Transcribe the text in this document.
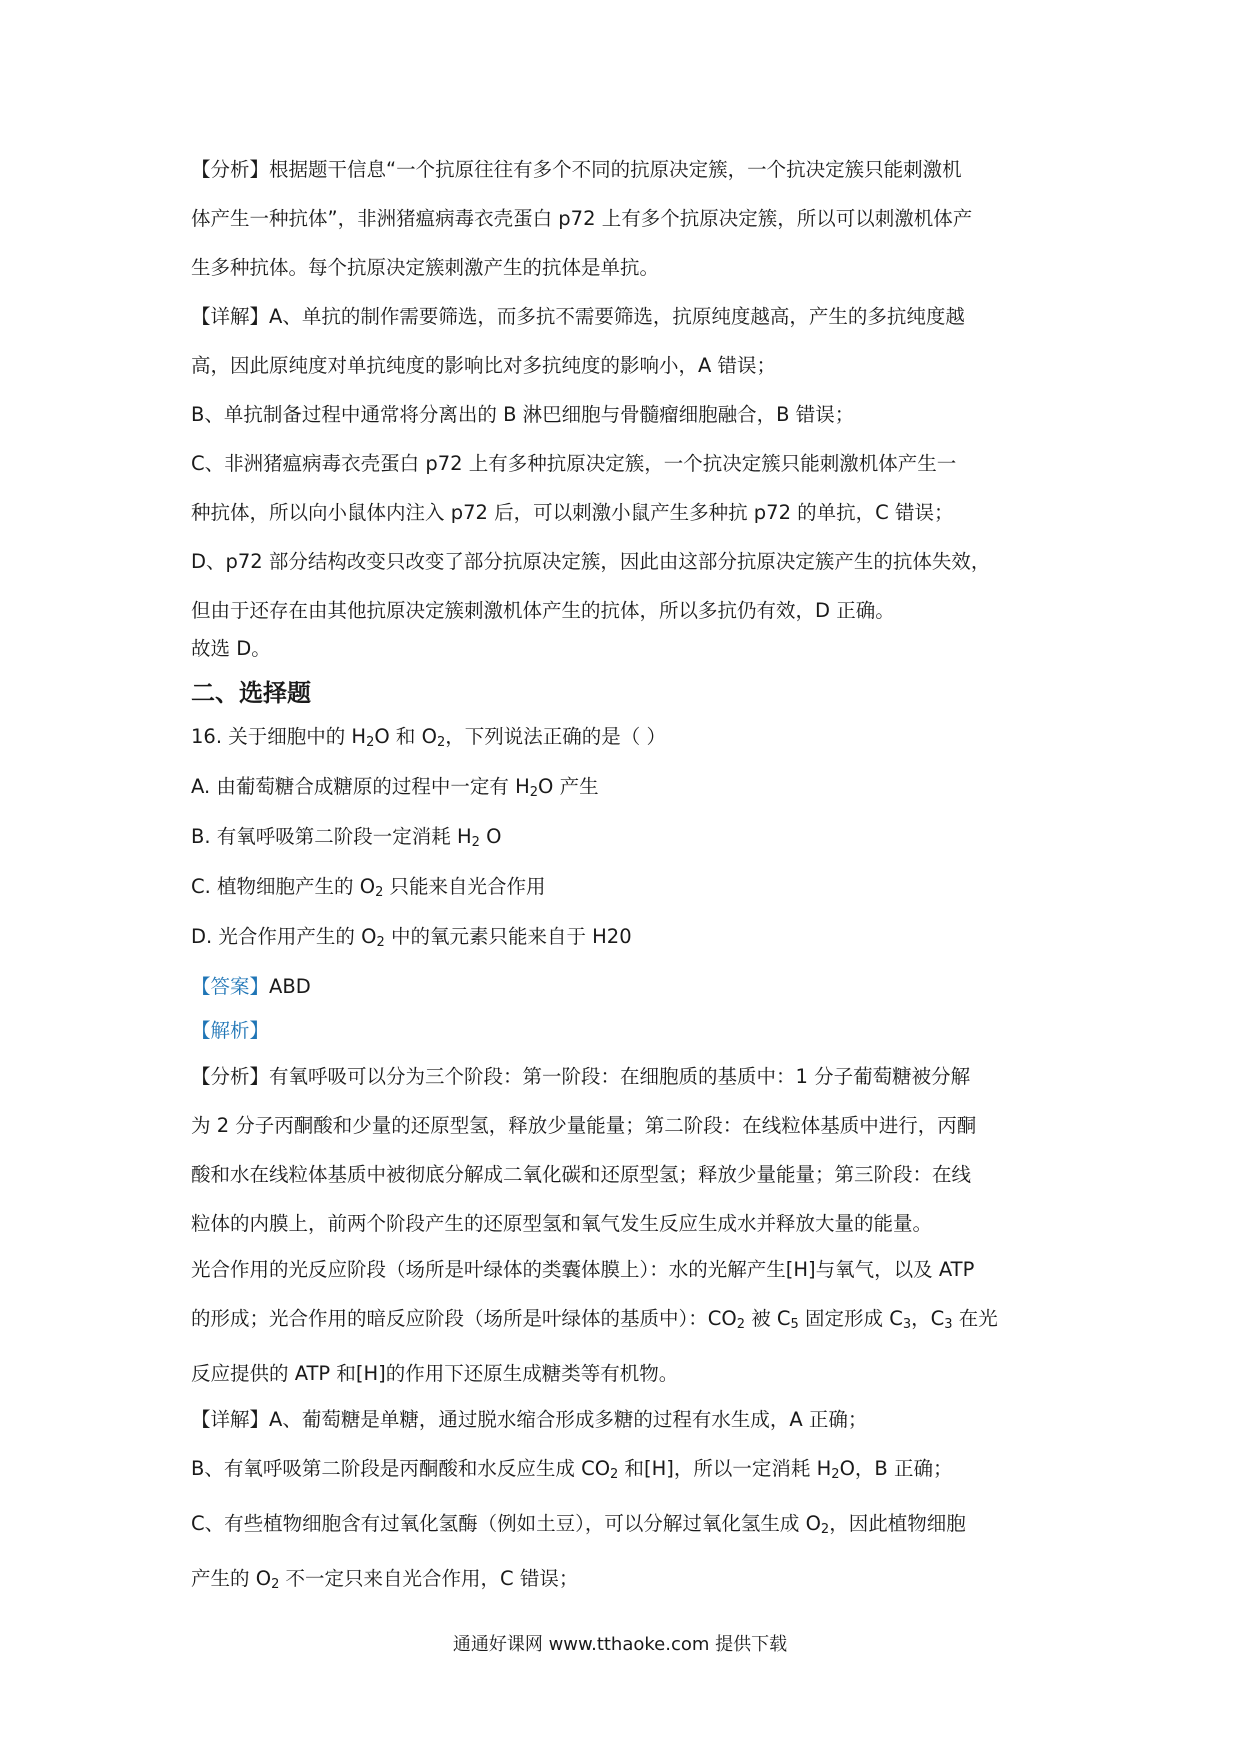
【分析】根据题干信息“一个抗原往往有多个不同的抗原决定簇，一个抗决定簇只能刺激机
体产生一种抗体”，非洲猪瘟病毒衣壳蛋白 p72 上有多个抗原决定簇，所以可以刺激机体产
生多种抗体。每个抗原决定簇刺激产生的抗体是单抗。
【详解】A、单抗的制作需要筛选，而多抗不需要筛选，抗原纯度越高，产生的多抗纯度越
高，因此原纯度对单抗纯度的影响比对多抗纯度的影响小，A 错误；
B、单抗制备过程中通常将分离出的 B 淋巴细胞与骨髓瘤细胞融合，B 错误；
C、非洲猪瘟病毒衣壳蛋白 p72 上有多种抗原决定簇，一个抗决定簇只能刺激机体产生一
种抗体，所以向小鼠体内注入 p72 后，可以刺激小鼠产生多种抗 p72 的单抗，C 错误；
D、p72 部分结构改变只改变了部分抗原决定簇，因此由这部分抗原决定簇产生的抗体失效，
但由于还存在由其他抗原决定簇刺激机体产生的抗体，所以多抗仍有效，D 正确。
故选 D。
二、选择题
16. 关于细胞中的 $H_2O$ 和 $O_2$，下列说法正确的是（ ）
A. 由葡萄糖合成糖原的过程中一定有 $H_2O$ 产生
B. 有氧呼吸第二阶段一定消耗 $H_2$ O
C. 植物细胞产生的 $O_2$ 只能来自光合作用
D. 光合作用产生的 $O_2$ 中的氧元素只能来自于 H20
【答案】ABD
【解析】
【分析】有氧呼吸可以分为三个阶段：第一阶段：在细胞质的基质中：1 分子葡萄糖被分解
为 2 分子丙酮酸和少量的还原型氢，释放少量能量；第二阶段：在线粒体基质中进行，丙酮
酸和水在线粒体基质中被彻底分解成二氧化碳和还原型氢；释放少量能量；第三阶段：在线
粒体的内膜上，前两个阶段产生的还原型氢和氧气发生反应生成水并释放大量的能量。
光合作用的光反应阶段（场所是叶绿体的类囊体膜上）：水的光解产生[H]与氧气，以及 ATP
的形成；光合作用的暗反应阶段（场所是叶绿体的基质中）：$CO_2$ 被 $C_5$ 固定形成 $C_3$，$C_3$ 在光
反应提供的 ATP 和[H]的作用下还原生成糖类等有机物。
【详解】A、葡萄糖是单糖，通过脱水缩合形成多糖的过程有水生成，A 正确；
B、有氧呼吸第二阶段是丙酮酸和水反应生成 $CO_2$ 和[H]，所以一定消耗 $H_2O$，B 正确；
C、有些植物细胞含有过氧化氢酶（例如土豆），可以分解过氧化氢生成 $O_2$，因此植物细胞
产生的 $O_2$ 不一定只来自光合作用，C 错误；
通通好课网 www.tthaoke.com 提供下载
